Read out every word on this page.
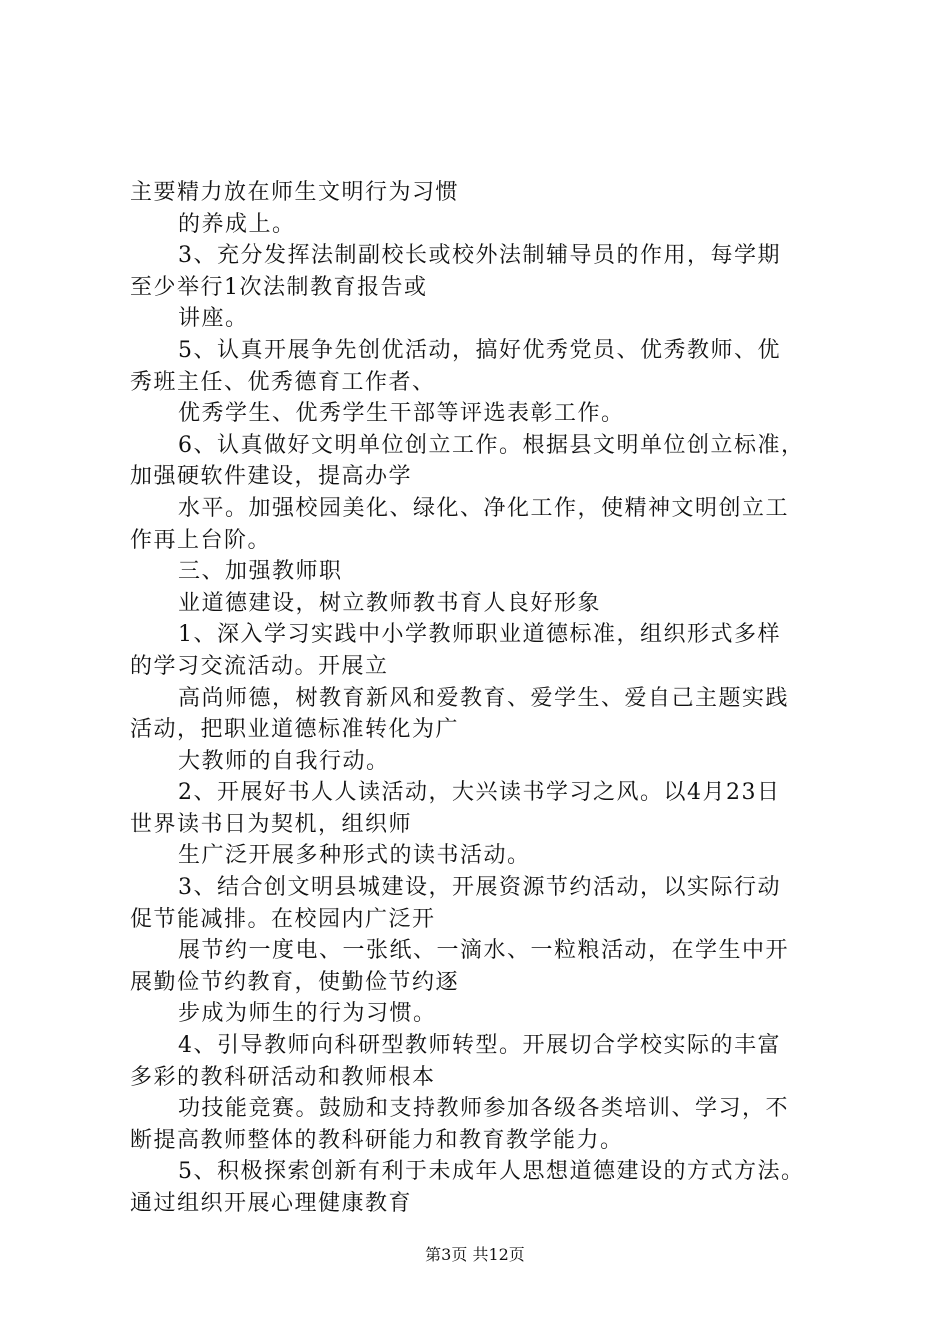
主要精力放在师生文明行为习惯
的养成上。
3、充分发挥法制副校长或校外法制辅导员的作用，每学期
至少举行1次法制教育报告或
讲座。
5、认真开展争先创优活动，搞好优秀党员、优秀教师、优
秀班主任、优秀德育工作者、
优秀学生、优秀学生干部等评选表彰工作。
6、认真做好文明单位创立工作。根据县文明单位创立标准，
加强硬软件建设，提高办学
水平。加强校园美化、绿化、净化工作，使精神文明创立工
作再上台阶。
三、加强教师职
业道德建设，树立教师教书育人良好形象
1、深入学习实践中小学教师职业道德标准，组织形式多样
的学习交流活动。开展立
高尚师德，树教育新风和爱教育、爱学生、爱自己主题实践
活动，把职业道德标准转化为广
大教师的自我行动。
2、开展好书人人读活动，大兴读书学习之风。以4月23日
世界读书日为契机，组织师
生广泛开展多种形式的读书活动。
3、结合创文明县城建设，开展资源节约活动，以实际行动
促节能减排。在校园内广泛开
展节约一度电、一张纸、一滴水、一粒粮活动，在学生中开
展勤俭节约教育，使勤俭节约逐
步成为师生的行为习惯。
4、引导教师向科研型教师转型。开展切合学校实际的丰富
多彩的教科研活动和教师根本
功技能竞赛。鼓励和支持教师参加各级各类培训、学习，不
断提高教师整体的教科研能力和教育教学能力。
5、积极探索创新有利于未成年人思想道德建设的方式方法。
通过组织开展心理健康教育
第3页 共12页
